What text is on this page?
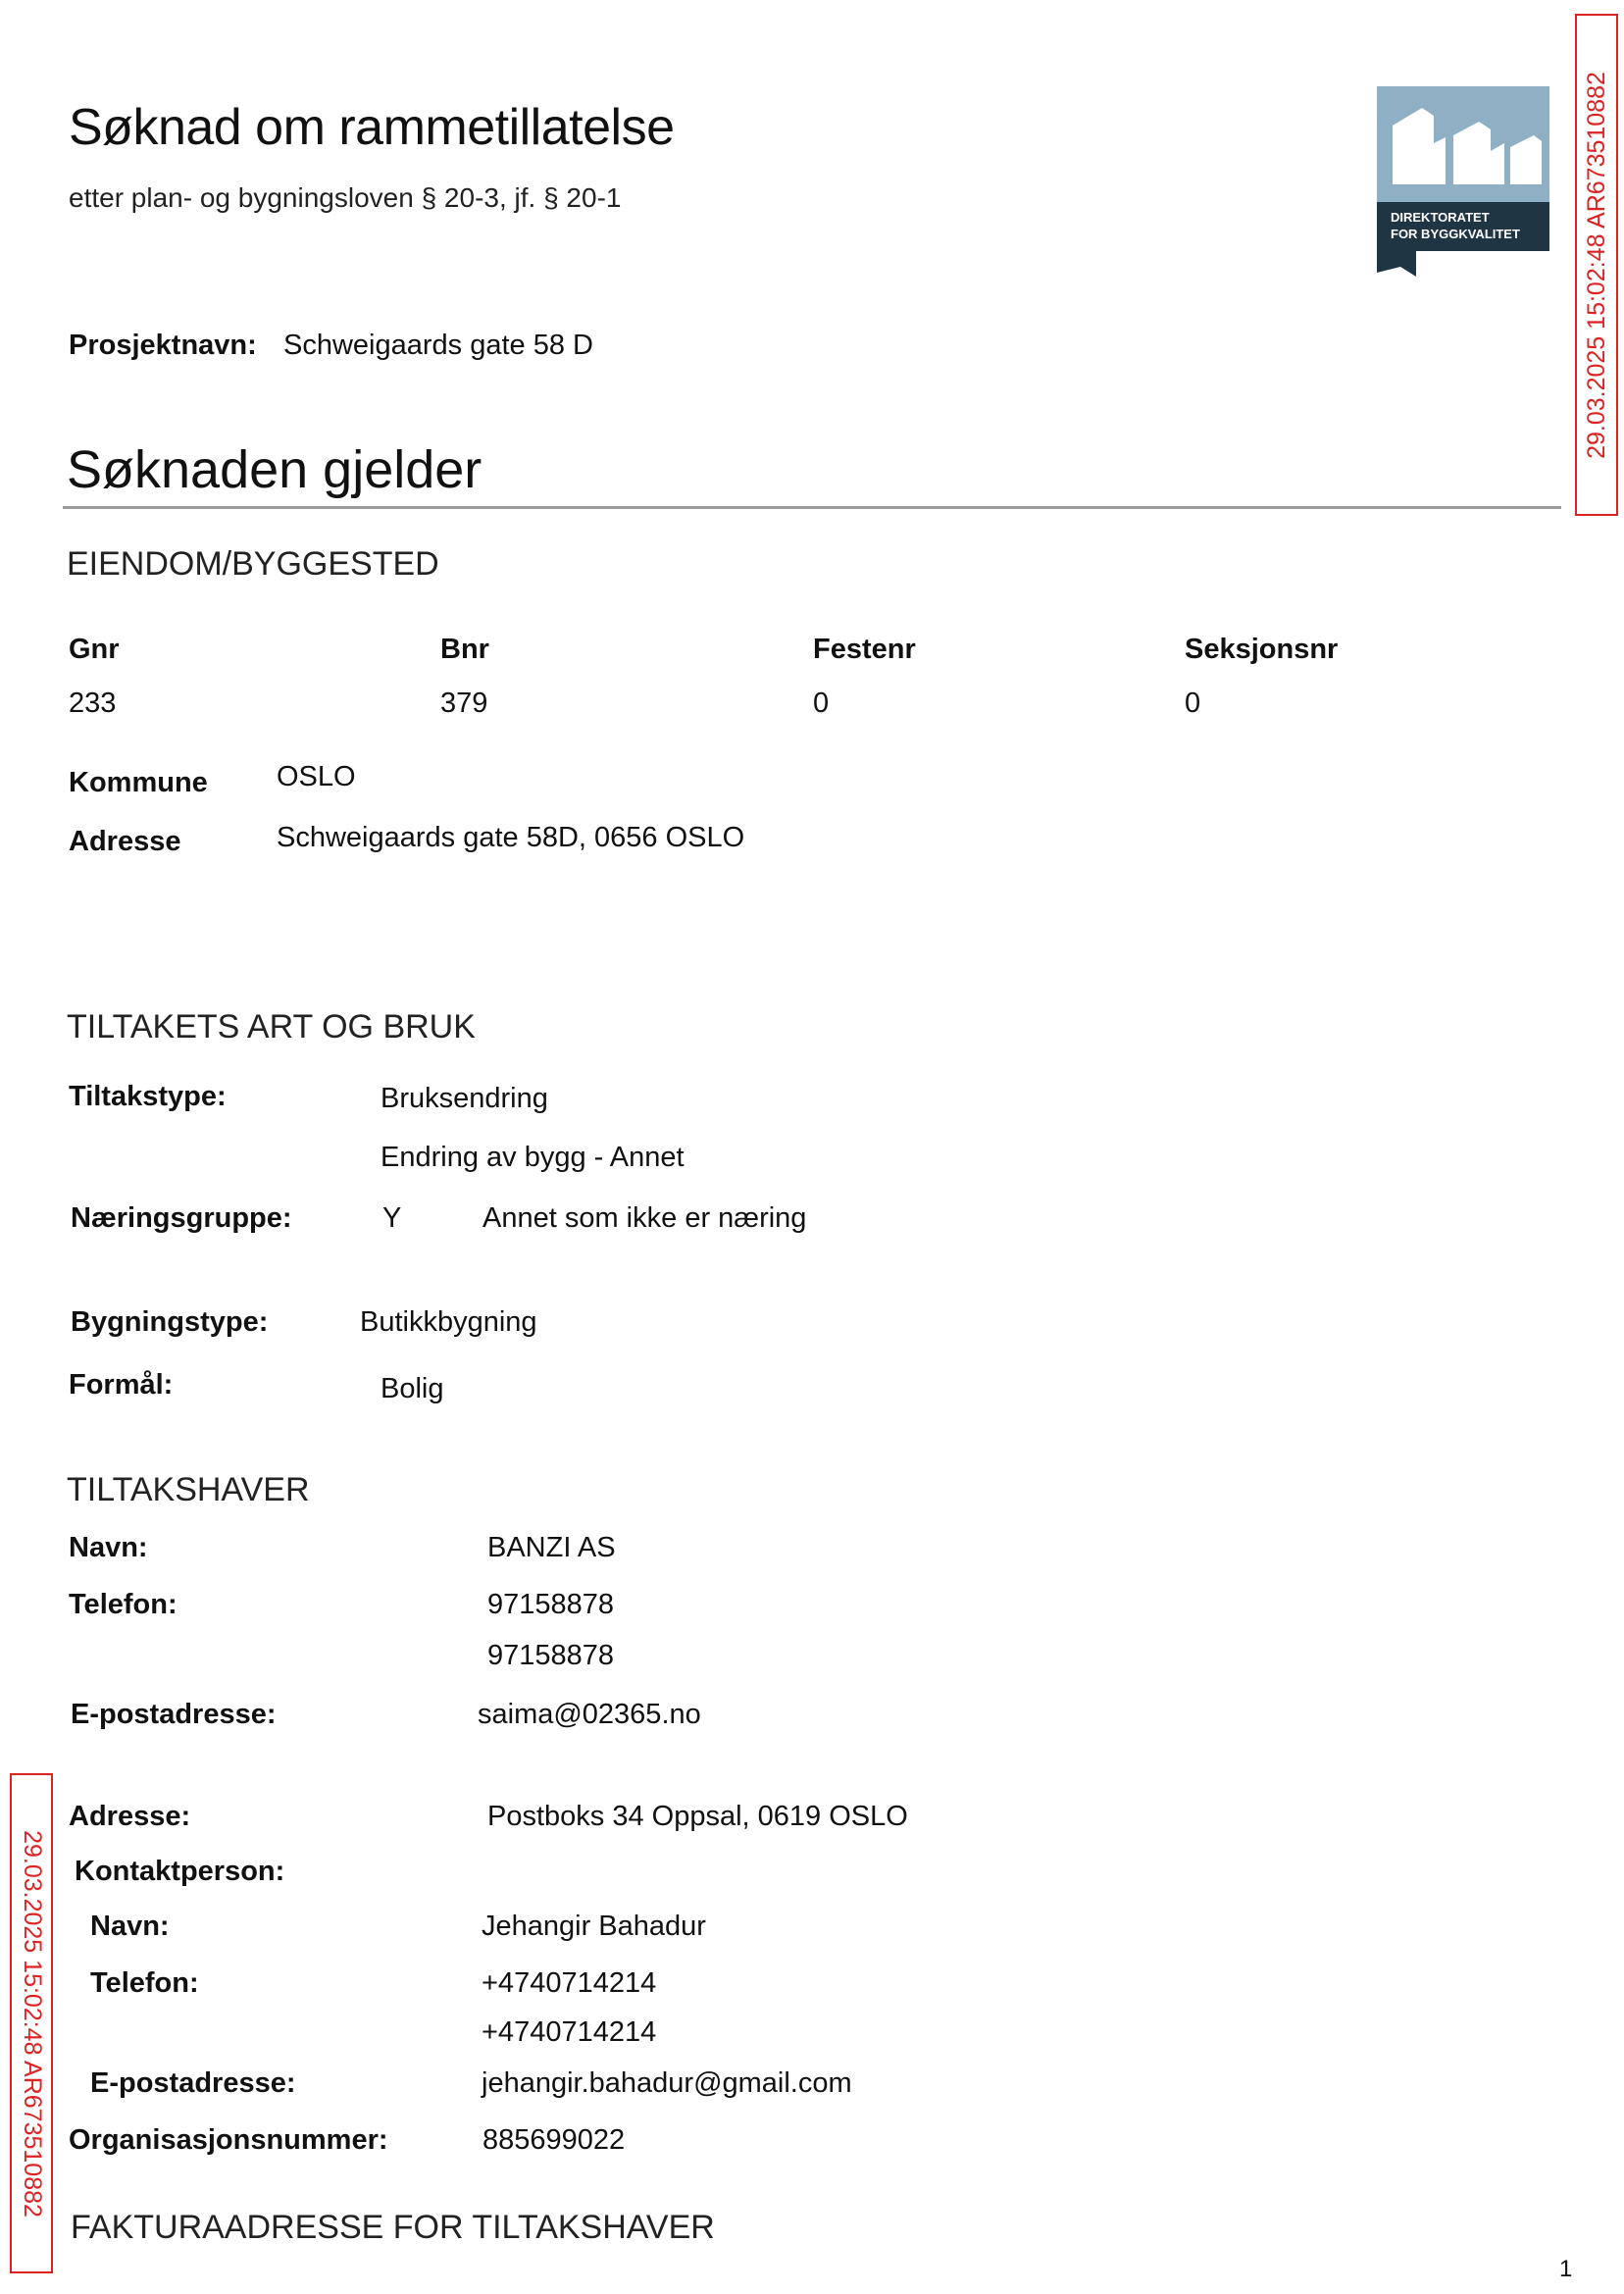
Søknad om rammetillatelse
etter plan- og bygningsloven § 20-3, jf. § 20-1
DIREKTORATET
FOR BYGGKVALITET	29.03.2025 15:02:48 AR673510882
29.03.2025 15:02:48 AR673510882
Prosjektnavn: Schweigaards gate 58 D
Søknaden gjelder
EIENDOM/BYGGESTED
Gnr	Bnr	Festenr	Seksjonsnr
233	379	0	0
Kommune OSLO
Adresse	Schweigaards gate 58D, 0656 OSLO
TILTAKETS ART OG BRUK
Tiltakstype:	Bruksendring
Endring av bygg - Annet
Næringsgruppe:	Y	Annet som ikke er næring
Bygningstype:	Butikkbygning
Formål:	Bolig
TILTAKSHAVER
Navn:	BANZI AS
Telefon:	97158878
97158878
E-postadresse:	saima@02365.no
Adresse:	Postboks 34 Oppsal, 0619 OSLO
Kontaktperson:
Navn:	Jehangir Bahadur
Telefon:	+4740714214
+4740714214
E-postadresse:	jehangir.bahadur@gmail.com
Organisasjonsnummer:	885699022
FAKTURAADRESSE FOR TILTAKSHAVER
1
